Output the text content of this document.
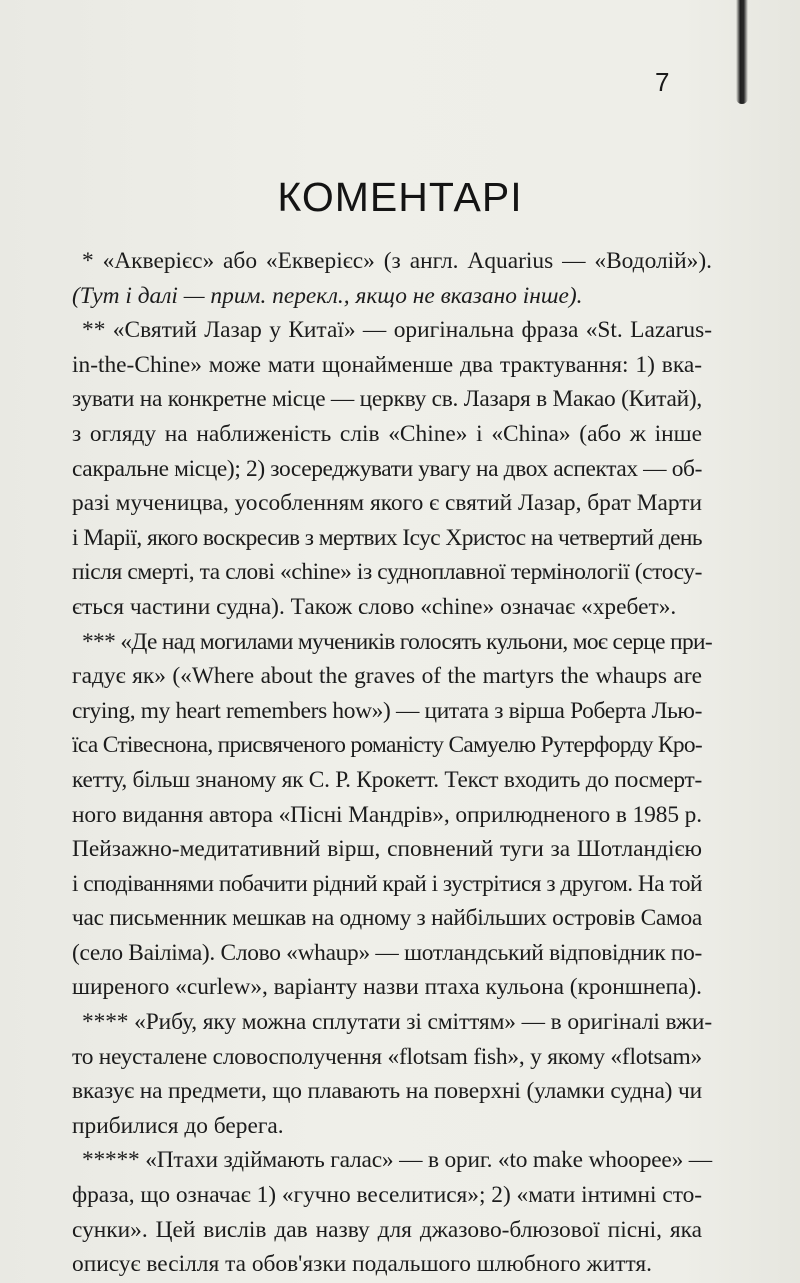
7
КОМЕНТАРІ
* «Акверієс» або «Екверієс» (з англ. Aquarius — «Водолій»).
(Тут і далі — прим. перекл., якщо не вказано інше).
** «Святий Лазар у Китаї» — оригінальна фраза «St. Lazarus-
in-the-Chine» може мати щонайменше два трактування: 1) вка-
зувати на конкретне місце — церкву св. Лазаря в Макао (Китай),
з огляду на наближеність слів «Chine» і «China» (або ж інше
сакральне місце); 2) зосереджувати увагу на двох аспектах — об-
разі мученицва, уособленням якого є святий Лазар, брат Марти
і Марії, якого воскресив з мертвих Ісус Христос на четвертий день
після смерті, та слові «chine» із судноплавної термінології (стосу-
ється частини судна). Також слово «chine» означає «хребет».
*** «Де над могилами мучеників голосять кульони, моє серце при-
гадує як» («Where about the graves of the martyrs the whaups are
crying, my heart remembers how») — цитата з вірша Роберта Лью-
їса Стівеснона, присвяченого романісту Самуелю Рутерфорду Кро-
кетту, більш знаному як С. Р. Крокетт. Текст входить до посмерт-
ного видання автора «Пісні Мандрів», оприлюдненого в 1985 р.
Пейзажно-медитативний вірш, сповнений туги за Шотландією
і сподіваннями побачити рідний край і зустрітися з другом. На той
час письменник мешкав на одному з найбільших островів Самоа
(село Ваіліма). Слово «whaup» — шотландський відповідник по-
ширеного «curlew», варіанту назви птаха кульона (кроншнепа).
**** «Рибу, яку можна сплутати зі сміттям» — в оригіналі вжи-
то неусталене словосполучення «flotsam fish», у якому «flotsam»
вказує на предмети, що плавають на поверхні (уламки судна) чи
прибилися до берега.
***** «Птахи здіймають галас» — в ориг. «to make whoopee» —
фраза, що означає 1) «гучно веселитися»; 2) «мати інтимні сто-
сунки». Цей вислів дав назву для джазово-блюзової пісні, яка
описує весілля та обов'язки подальшого шлюбного життя.
